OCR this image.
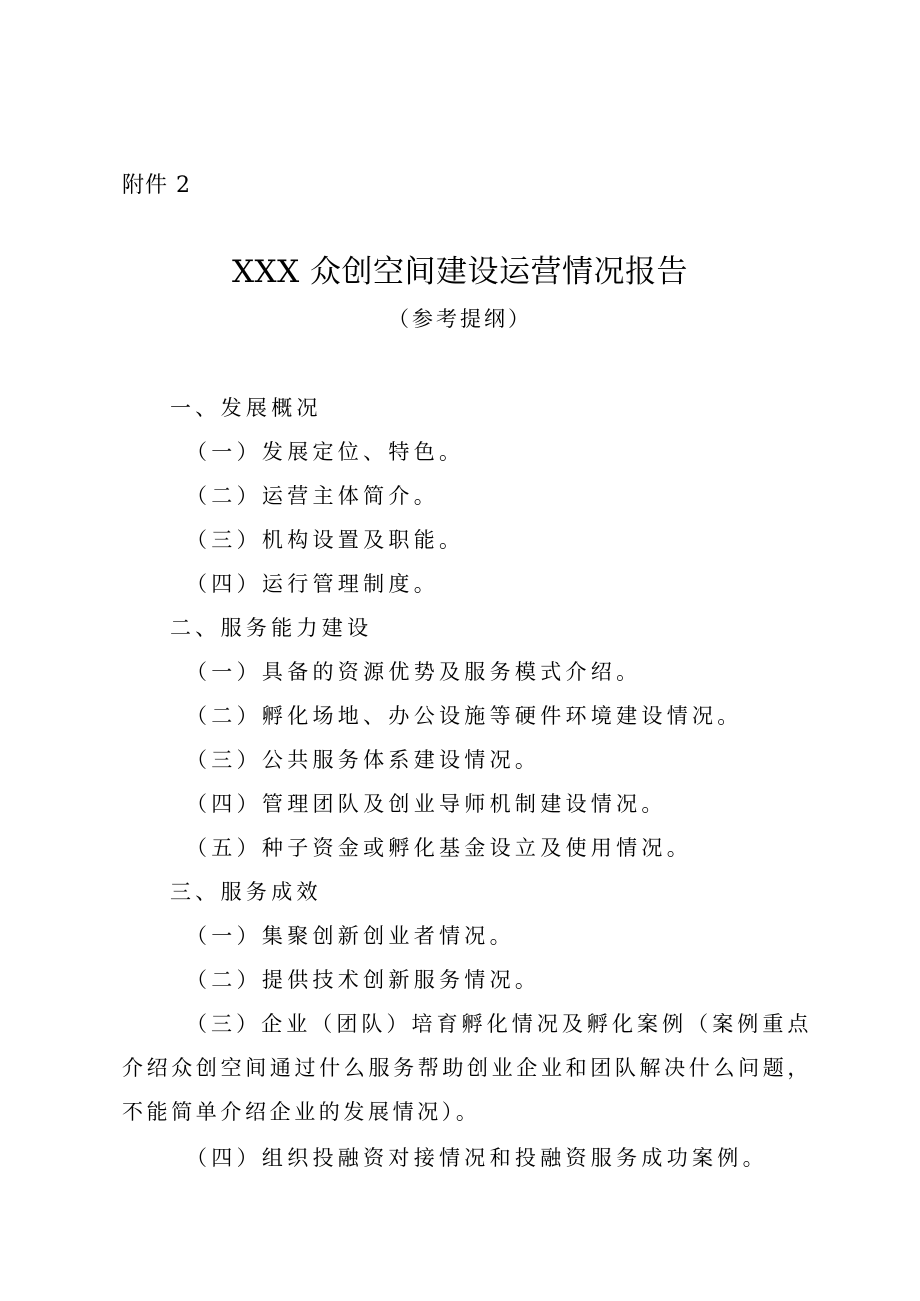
附件 2
XXX 众创空间建设运营情况报告
（参考提纲）
一、发展概况
（一）发展定位、特色。
（二）运营主体简介。
（三）机构设置及职能。
（四）运行管理制度。
二、服务能力建设
（一）具备的资源优势及服务模式介绍。
（二）孵化场地、办公设施等硬件环境建设情况。
（三）公共服务体系建设情况。
（四）管理团队及创业导师机制建设情况。
（五）种子资金或孵化基金设立及使用情况。
三、服务成效
（一）集聚创新创业者情况。
（二）提供技术创新服务情况。
（三）企业（团队）培育孵化情况及孵化案例（案例重点介绍众创空间通过什么服务帮助创业企业和团队解决什么问题，不能简单介绍企业的发展情况）。
（四）组织投融资对接情况和投融资服务成功案例。
